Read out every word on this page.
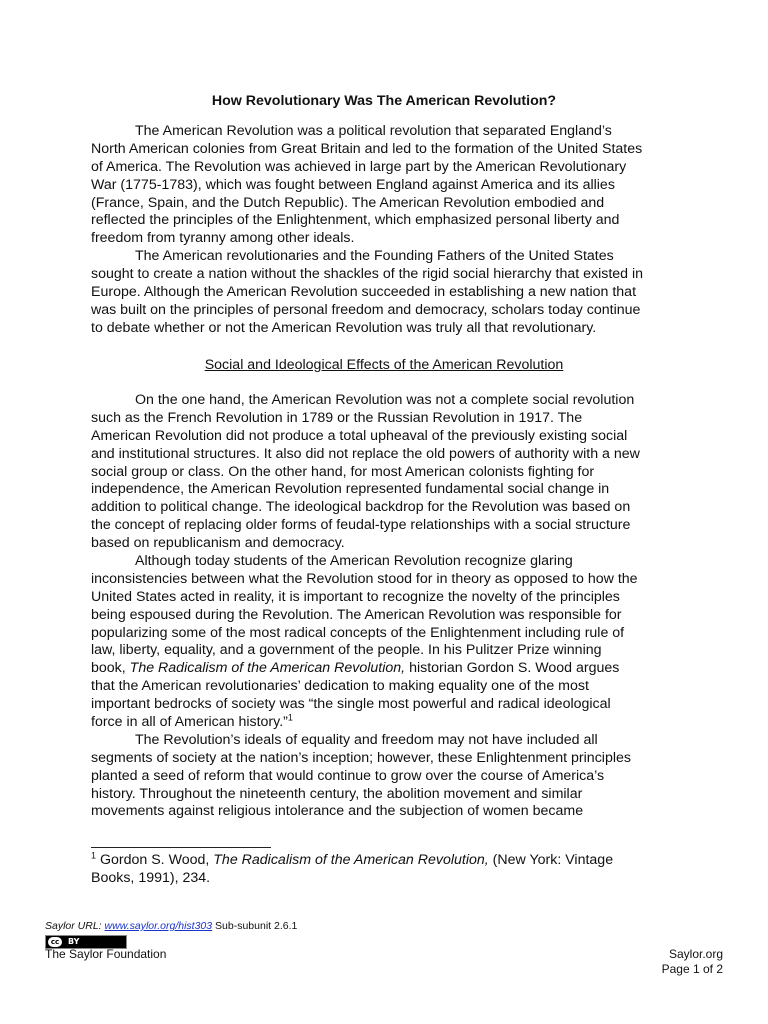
How Revolutionary Was The American Revolution?
The American Revolution was a political revolution that separated England’s
North American colonies from Great Britain and led to the formation of the United States
of America. The Revolution was achieved in large part by the American Revolutionary
War (1775-1783), which was fought between England against America and its allies
(France, Spain, and the Dutch Republic). The American Revolution embodied and
reflected the principles of the Enlightenment, which emphasized personal liberty and
freedom from tyranny among other ideals.
The American revolutionaries and the Founding Fathers of the United States
sought to create a nation without the shackles of the rigid social hierarchy that existed in
Europe. Although the American Revolution succeeded in establishing a new nation that
was built on the principles of personal freedom and democracy, scholars today continue
to debate whether or not the American Revolution was truly all that revolutionary.
Social and Ideological Effects of the American Revolution
On the one hand, the American Revolution was not a complete social revolution
such as the French Revolution in 1789 or the Russian Revolution in 1917. The
American Revolution did not produce a total upheaval of the previously existing social
and institutional structures. It also did not replace the old powers of authority with a new
social group or class. On the other hand, for most American colonists fighting for
independence, the American Revolution represented fundamental social change in
addition to political change. The ideological backdrop for the Revolution was based on
the concept of replacing older forms of feudal-type relationships with a social structure
based on republicanism and democracy.
Although today students of the American Revolution recognize glaring
inconsistencies between what the Revolution stood for in theory as opposed to how the
United States acted in reality, it is important to recognize the novelty of the principles
being espoused during the Revolution. The American Revolution was responsible for
popularizing some of the most radical concepts of the Enlightenment including rule of
law, liberty, equality, and a government of the people. In his Pulitzer Prize winning
book, The Radicalism of the American Revolution, historian Gordon S. Wood argues
that the American revolutionaries’ dedication to making equality one of the most
important bedrocks of society was “the single most powerful and radical ideological
force in all of American history.”$^1$
The Revolution’s ideals of equality and freedom may not have included all
segments of society at the nation’s inception; however, these Enlightenment principles
planted a seed of reform that would continue to grow over the course of America’s
history. Throughout the nineteenth century, the abolition movement and similar
movements against religious intolerance and the subjection of women became
$^1$ Gordon S. Wood, The Radicalism of the American Revolution, (New York: Vintage
Books, 1991), 234.
Saylor URL: www.saylor.org/hist303 Sub-subunit 2.6.1
cc	BY
The Saylor Foundation	Saylor.org
Page 1 of 2
